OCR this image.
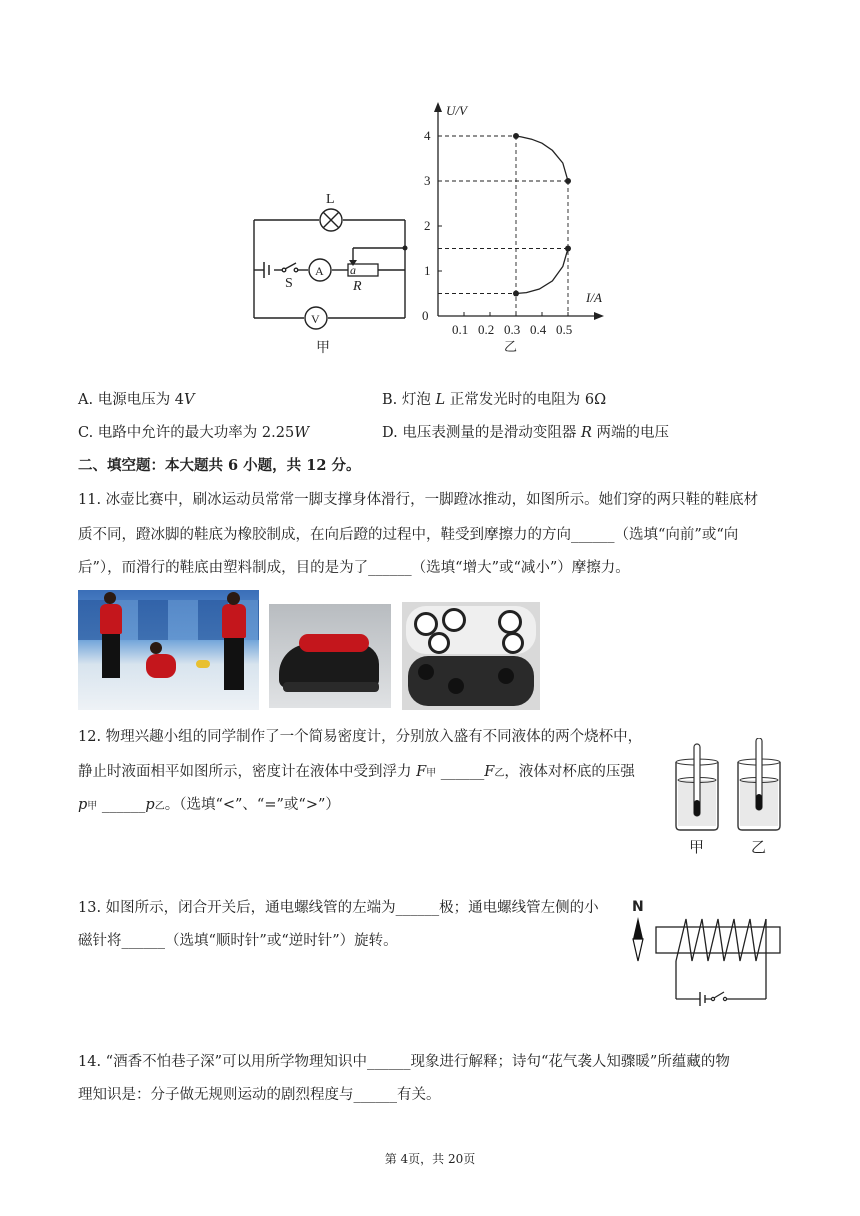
L
S
A
V
a
R
甲
U/V
I/A
0
1
2
3
4
0.1 0.2 0.3 0.4 0.5
乙
A. 电源电压为 4V	B. 灯泡 L 正常发光时的电阻为 6Ω
C. 电路中允许的最大功率为 2.25W	D. 电压表测量的是滑动变阻器 R 两端的电压
二、填空题：本大题共 6 小题，共 12 分。
11. 冰壶比赛中，刷冰运动员常常一脚支撑身体滑行，一脚蹬冰推动，如图所示。她们穿的两只鞋的鞋底材
质不同，蹬冰脚的鞋底为橡胶制成，在向后蹬的过程中，鞋受到摩擦力的方向______（选填“向前”或“向
后”），而滑行的鞋底由塑料制成，目的是为了______（选填“增大”或“减小”）摩擦力。
12. 物理兴趣小组的同学制作了一个简易密度计，分别放入盛有不同液体的两个烧杯中，
静止时液面相平如图所示，密度计在液体中受到浮力 F甲 ______F乙，液体对杯底的压强
p甲 ______p乙。（选填“<”、“=”或“>”）
甲	乙
13. 如图所示，闭合开关后，通电螺线管的左端为______极；通电螺线管左侧的小
磁针将______（选填“顺时针”或“逆时针”）旋转。
N
14. “酒香不怕巷子深”可以用所学物理知识中______现象进行解释；诗句“花气袭人知骤暖”所蕴藏的物
理知识是：分子做无规则运动的剧烈程度与______有关。
第 4页，共 20页
